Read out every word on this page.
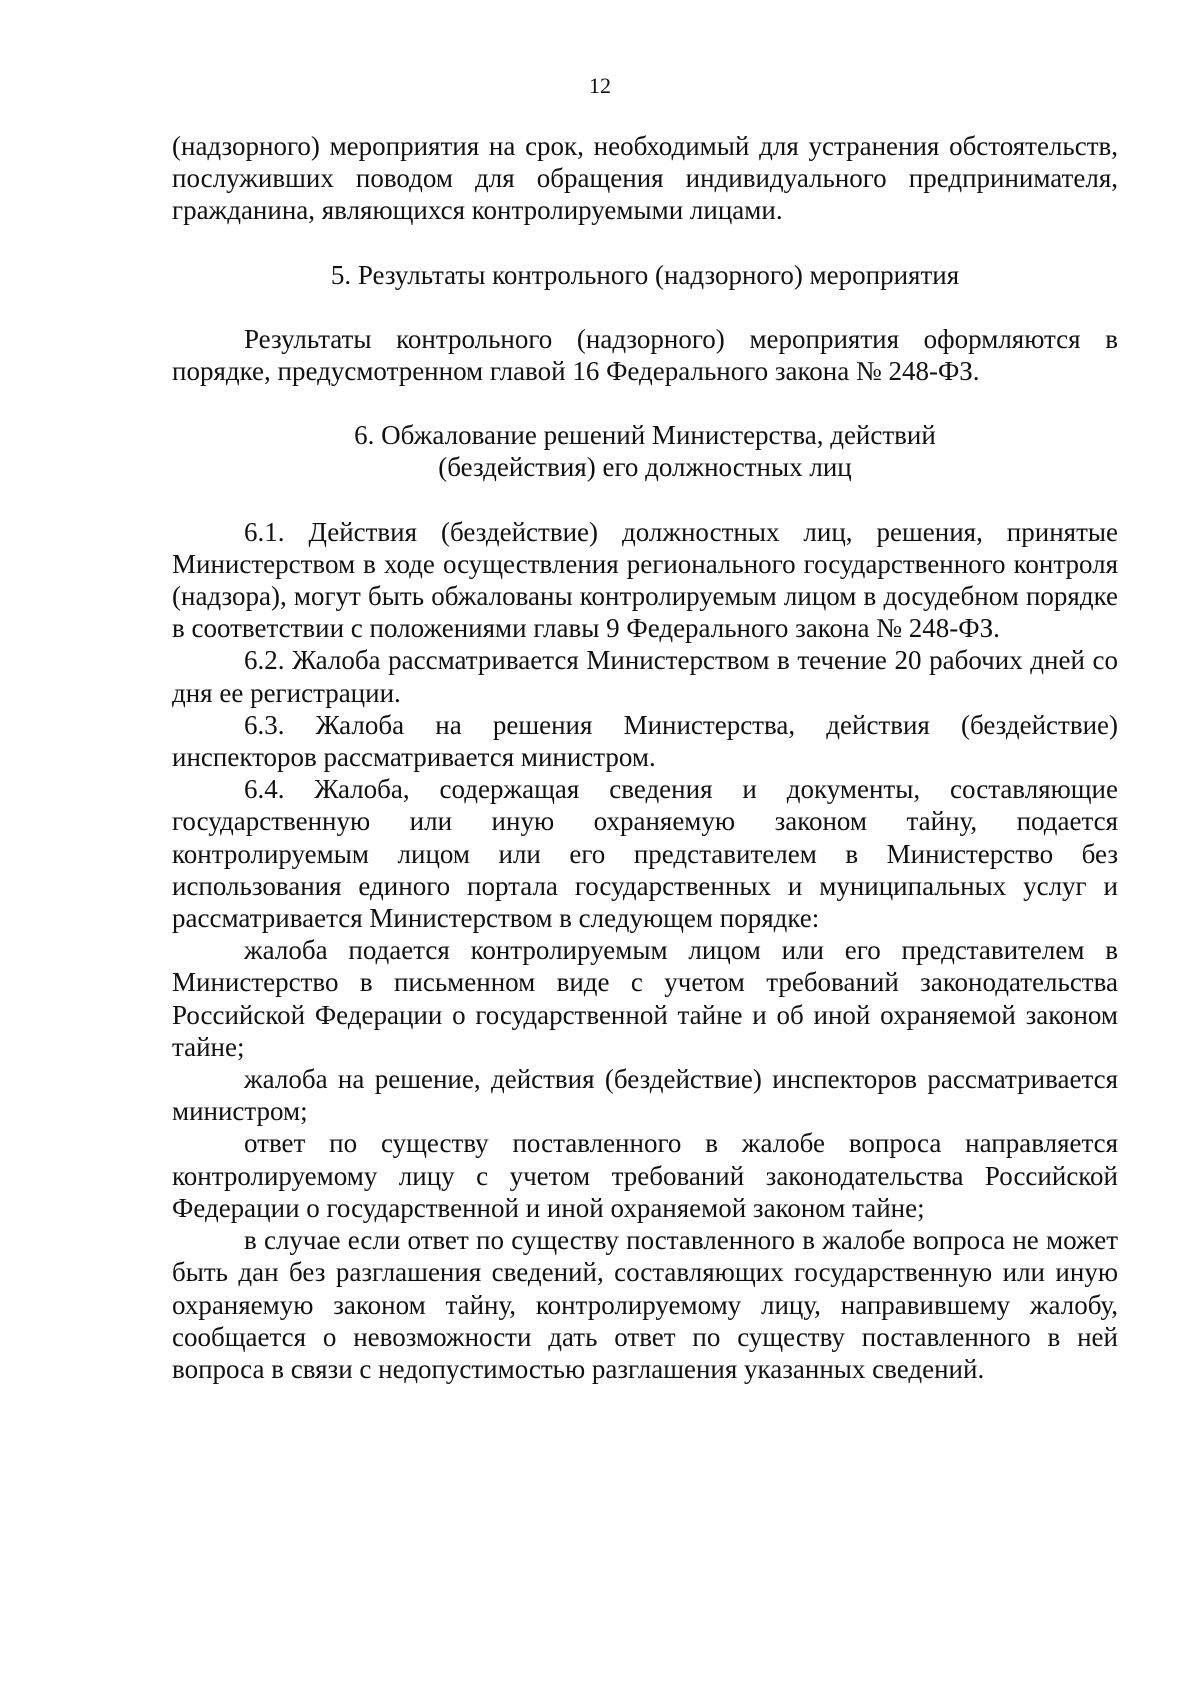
12

(надзорного) мероприятия на срок, необходимый для устранения обстоятельств, послуживших поводом для обращения индивидуального предпринимателя, гражданина, являющихся контролируемыми лицами.

5. Результаты контрольного (надзорного) мероприятия

Результаты контрольного (надзорного) мероприятия оформляются в порядке, предусмотренном главой 16 Федерального закона № 248-ФЗ.

6. Обжалование решений Министерства, действий

(бездействия) его должностных лиц

6.1. Действия (бездействие) должностных лиц, решения, принятые Министерством в ходе осуществления регионального государственного контроля (надзора), могут быть обжалованы контролируемым лицом в досудебном порядке в соответствии с положениями главы 9 Федерального закона № 248-ФЗ.

6.2. Жалоба рассматривается Министерством в течение 20 рабочих дней со дня ее регистрации.

6.3. Жалоба на решения Министерства, действия (бездействие) инспекторов рассматривается министром.

6.4. Жалоба, содержащая сведения и документы, составляющие государственную или иную охраняемую законом тайну, подается контролируемым лицом или его представителем в Министерство без использования единого портала государственных и муниципальных услуг и рассматривается Министерством в следующем порядке:

жалоба подается контролируемым лицом или его представителем в Министерство в письменном виде с учетом требований законодательства Российской Федерации о государственной тайне и об иной охраняемой законом тайне;

жалоба на решение, действия (бездействие) инспекторов рассматривается министром;

ответ по существу поставленного в жалобе вопроса направляется контролируемому лицу с учетом требований законодательства Российской Федерации о государственной и иной охраняемой законом тайне;

в случае если ответ по существу поставленного в жалобе вопроса не может быть дан без разглашения сведений, составляющих государственную или иную охраняемую законом тайну, контролируемому лицу, направившему жалобу, сообщается о невозможности дать ответ по существу поставленного в ней вопроса в связи с недопустимостью разглашения указанных сведений.
